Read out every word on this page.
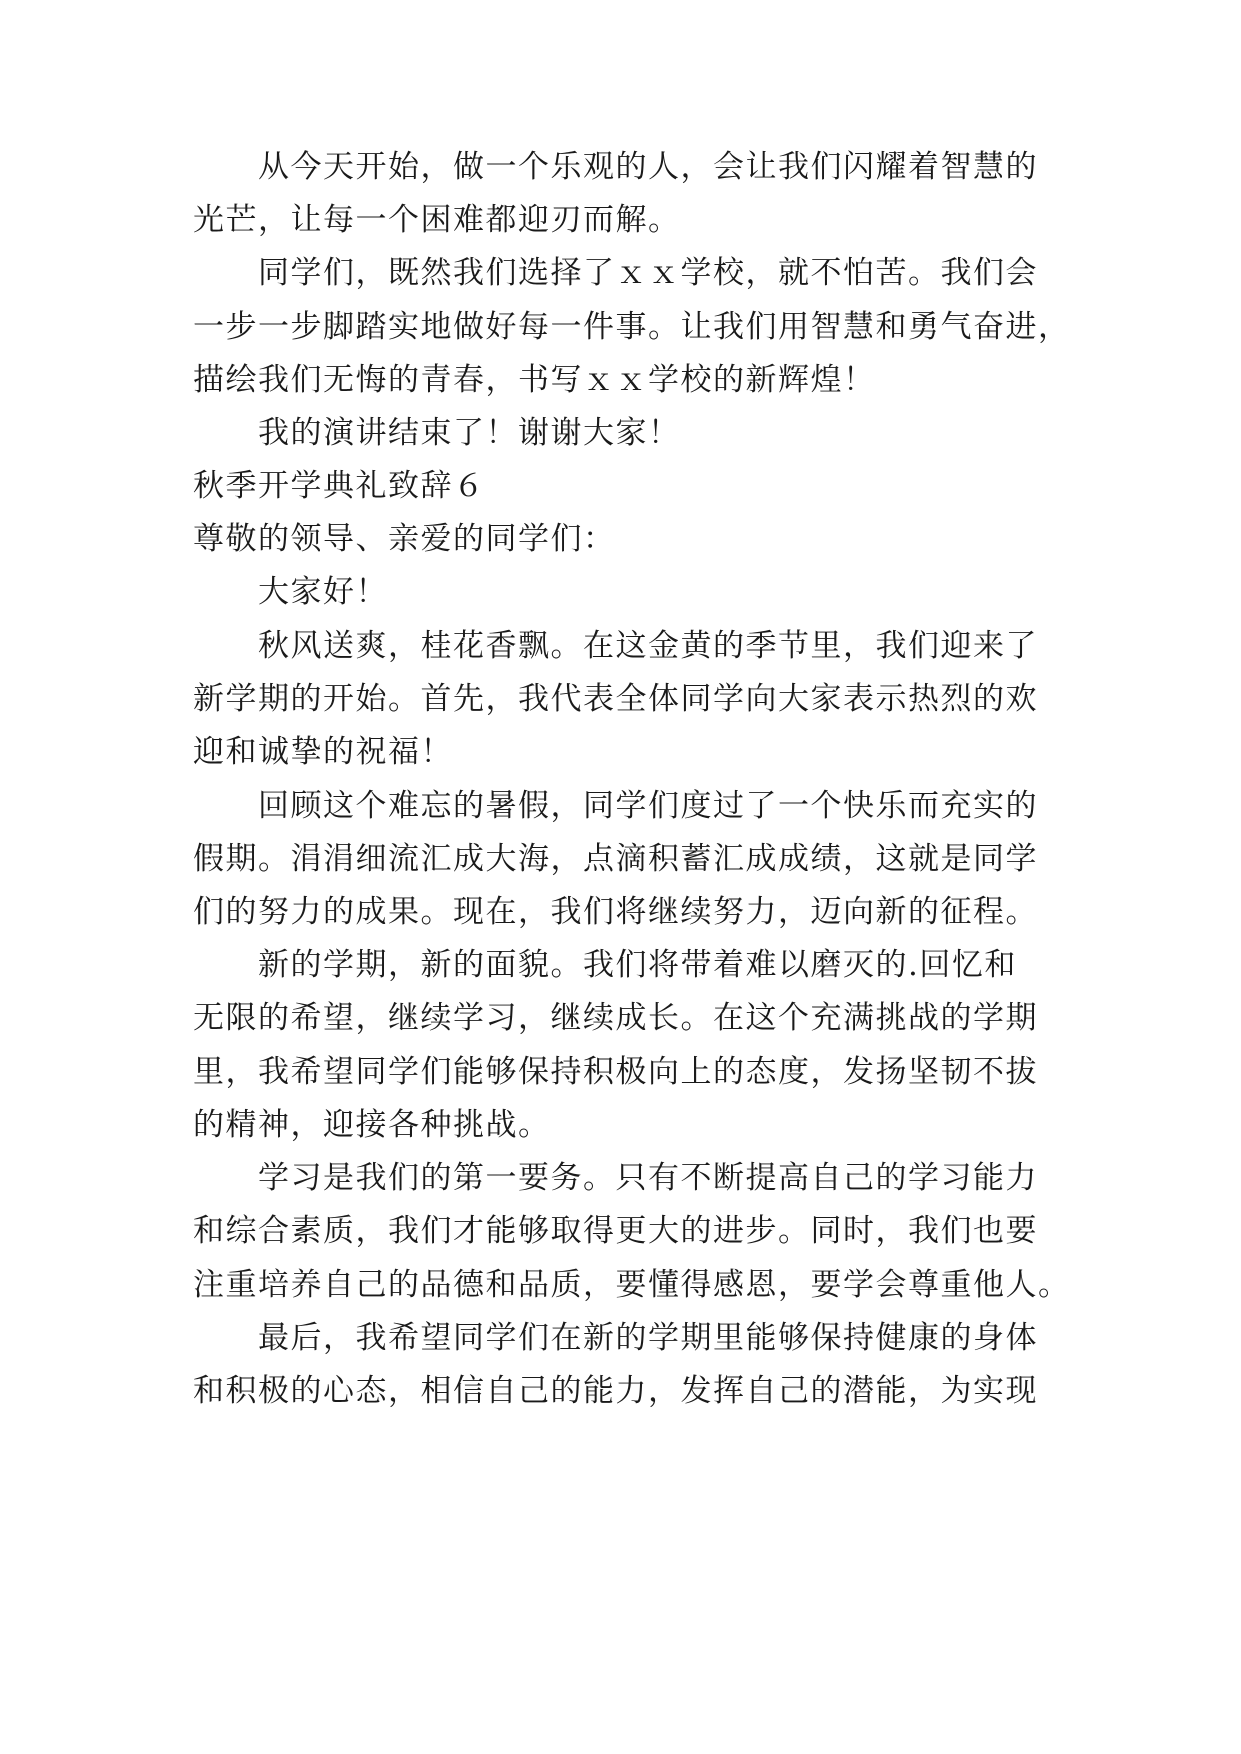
从今天开始，做一个乐观的人，会让我们闪耀着智慧的
光芒，让每一个困难都迎刃而解。
同学们，既然我们选择了ｘｘ学校，就不怕苦。我们会
一步一步脚踏实地做好每一件事。让我们用智慧和勇气奋进，
描绘我们无悔的青春，书写ｘｘ学校的新辉煌！
我的演讲结束了！谢谢大家！
秋季开学典礼致辞６
尊敬的领导、亲爱的同学们：
大家好！
秋风送爽，桂花香飘。在这金黄的季节里，我们迎来了
新学期的开始。首先，我代表全体同学向大家表示热烈的欢
迎和诚挚的祝福！
回顾这个难忘的暑假，同学们度过了一个快乐而充实的
假期。涓涓细流汇成大海，点滴积蓄汇成成绩，这就是同学
们的努力的成果。现在，我们将继续努力，迈向新的征程。
新的学期，新的面貌。我们将带着难以磨灭的.回忆和
无限的希望，继续学习，继续成长。在这个充满挑战的学期
里，我希望同学们能够保持积极向上的态度，发扬坚韧不拔
的精神，迎接各种挑战。
学习是我们的第一要务。只有不断提高自己的学习能力
和综合素质，我们才能够取得更大的进步。同时，我们也要
注重培养自己的品德和品质，要懂得感恩，要学会尊重他人。
最后，我希望同学们在新的学期里能够保持健康的身体
和积极的心态，相信自己的能力，发挥自己的潜能，为实现
